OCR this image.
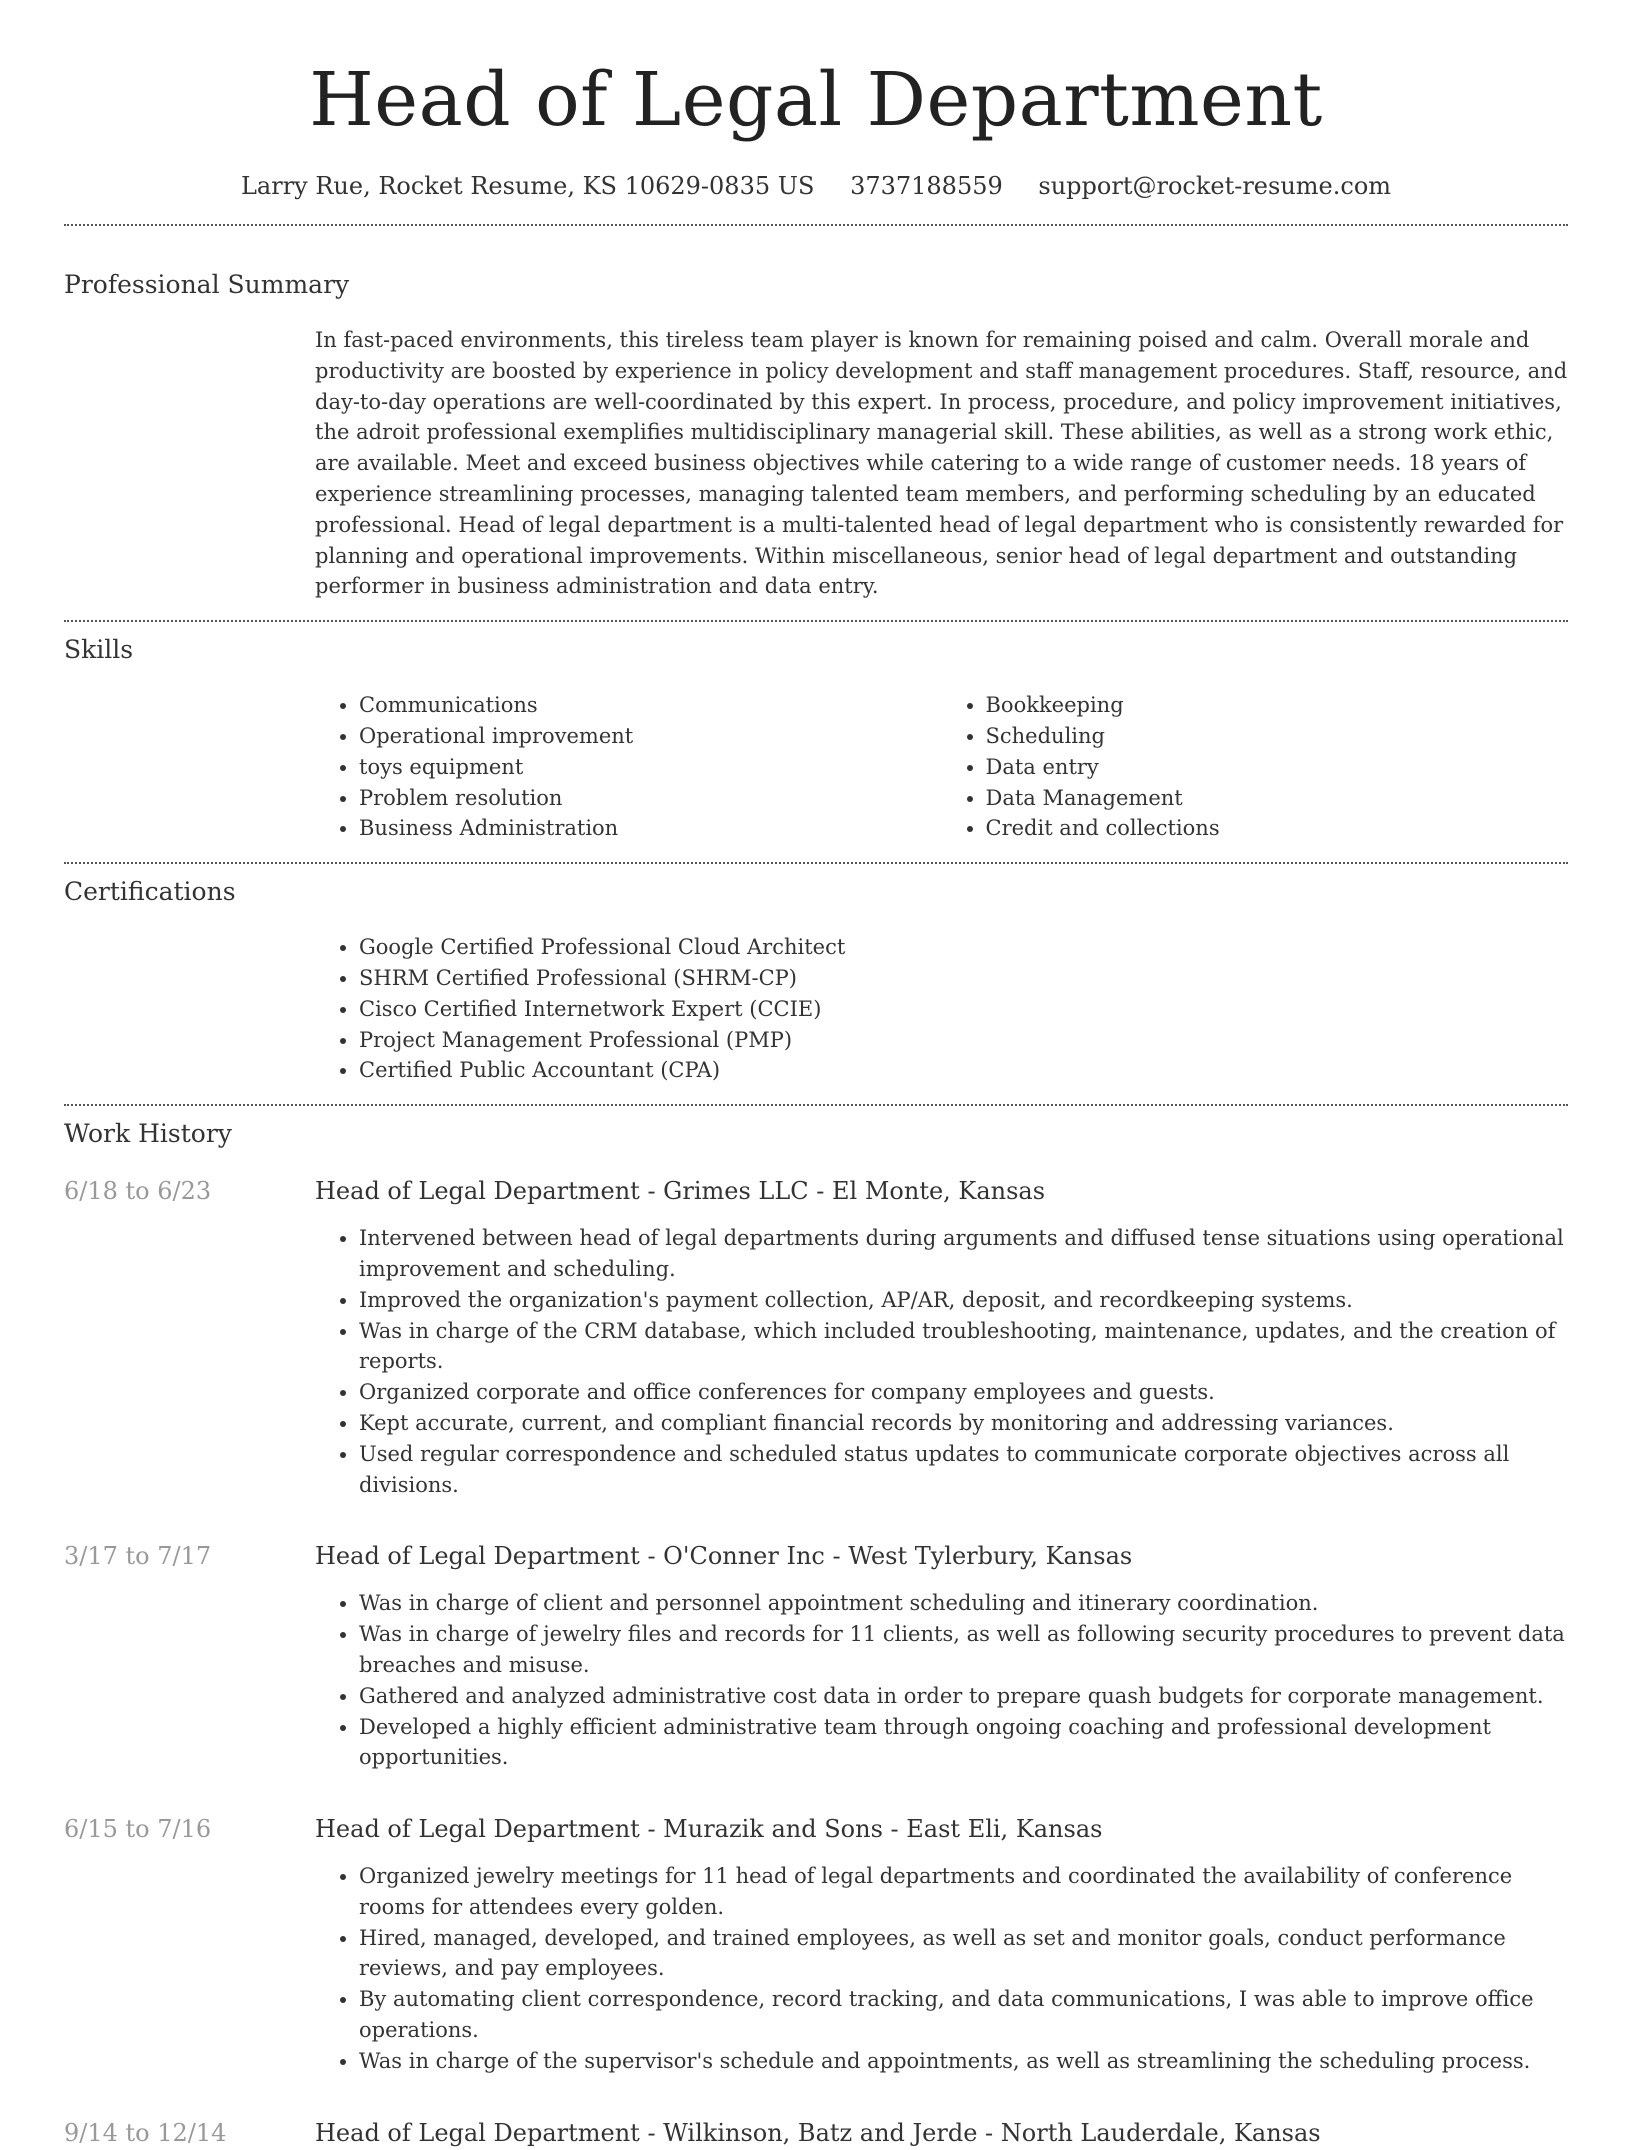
Head of Legal Department
Larry Rue, Rocket Resume, KS 10629-0835 US 3737188559 support@rocket-resume.com
Professional Summary

In fast-paced environments, this tireless team player is known for remaining poised and calm. Overall morale and productivity are boosted by experience in policy development and staff management procedures. Staff, resource, and day-to-day operations are well-coordinated by this expert. In process, procedure, and policy improvement initiatives, the adroit professional exemplifies multidisciplinary managerial skill. These abilities, as well as a strong work ethic, are available. Meet and exceed business objectives while catering to a wide range of customer needs. 18 years of experience streamlining processes, managing talented team members, and performing scheduling by an educated professional. Head of legal department is a multi-talented head of legal department who is consistently rewarded for planning and operational improvements. Within miscellaneous, senior head of legal department and outstanding performer in business administration and data entry.

Skills
• Communications
• Operational improvement
• toys equipment
• Problem resolution
• Business Administration
• Bookkeeping
• Scheduling
• Data entry
• Data Management
• Credit and collections
Certifications
• Google Certified Professional Cloud Architect
• SHRM Certified Professional (SHRM-CP)
• Cisco Certified Internetwork Expert (CCIE)
• Project Management Professional (PMP)
• Certified Public Accountant (CPA)
Work History
6/18 to 6/23	Head of Legal Department - Grimes LLC - El Monte, Kansas
• Intervened between head of legal departments during arguments and diffused tense situations using operational improvement and scheduling.
• Improved the organization's payment collection, AP/AR, deposit, and recordkeeping systems.
• Was in charge of the CRM database, which included troubleshooting, maintenance, updates, and the creation of reports.
• Organized corporate and office conferences for company employees and guests.
• Kept accurate, current, and compliant financial records by monitoring and addressing variances.
• Used regular correspondence and scheduled status updates to communicate corporate objectives across all divisions.
3/17 to 7/17	Head of Legal Department - O'Conner Inc - West Tylerbury, Kansas
• Was in charge of client and personnel appointment scheduling and itinerary coordination.
• Was in charge of jewelry files and records for 11 clients, as well as following security procedures to prevent data breaches and misuse.
• Gathered and analyzed administrative cost data in order to prepare quash budgets for corporate management.
• Developed a highly efficient administrative team through ongoing coaching and professional development opportunities.
6/15 to 7/16	Head of Legal Department - Murazik and Sons - East Eli, Kansas
• Organized jewelry meetings for 11 head of legal departments and coordinated the availability of conference rooms for attendees every golden.
• Hired, managed, developed, and trained employees, as well as set and monitor goals, conduct performance reviews, and pay employees.
• By automating client correspondence, record tracking, and data communications, I was able to improve office operations.
• Was in charge of the supervisor's schedule and appointments, as well as streamlining the scheduling process.
9/14 to 12/14	Head of Legal Department - Wilkinson, Batz and Jerde - North Lauderdale, Kansas
